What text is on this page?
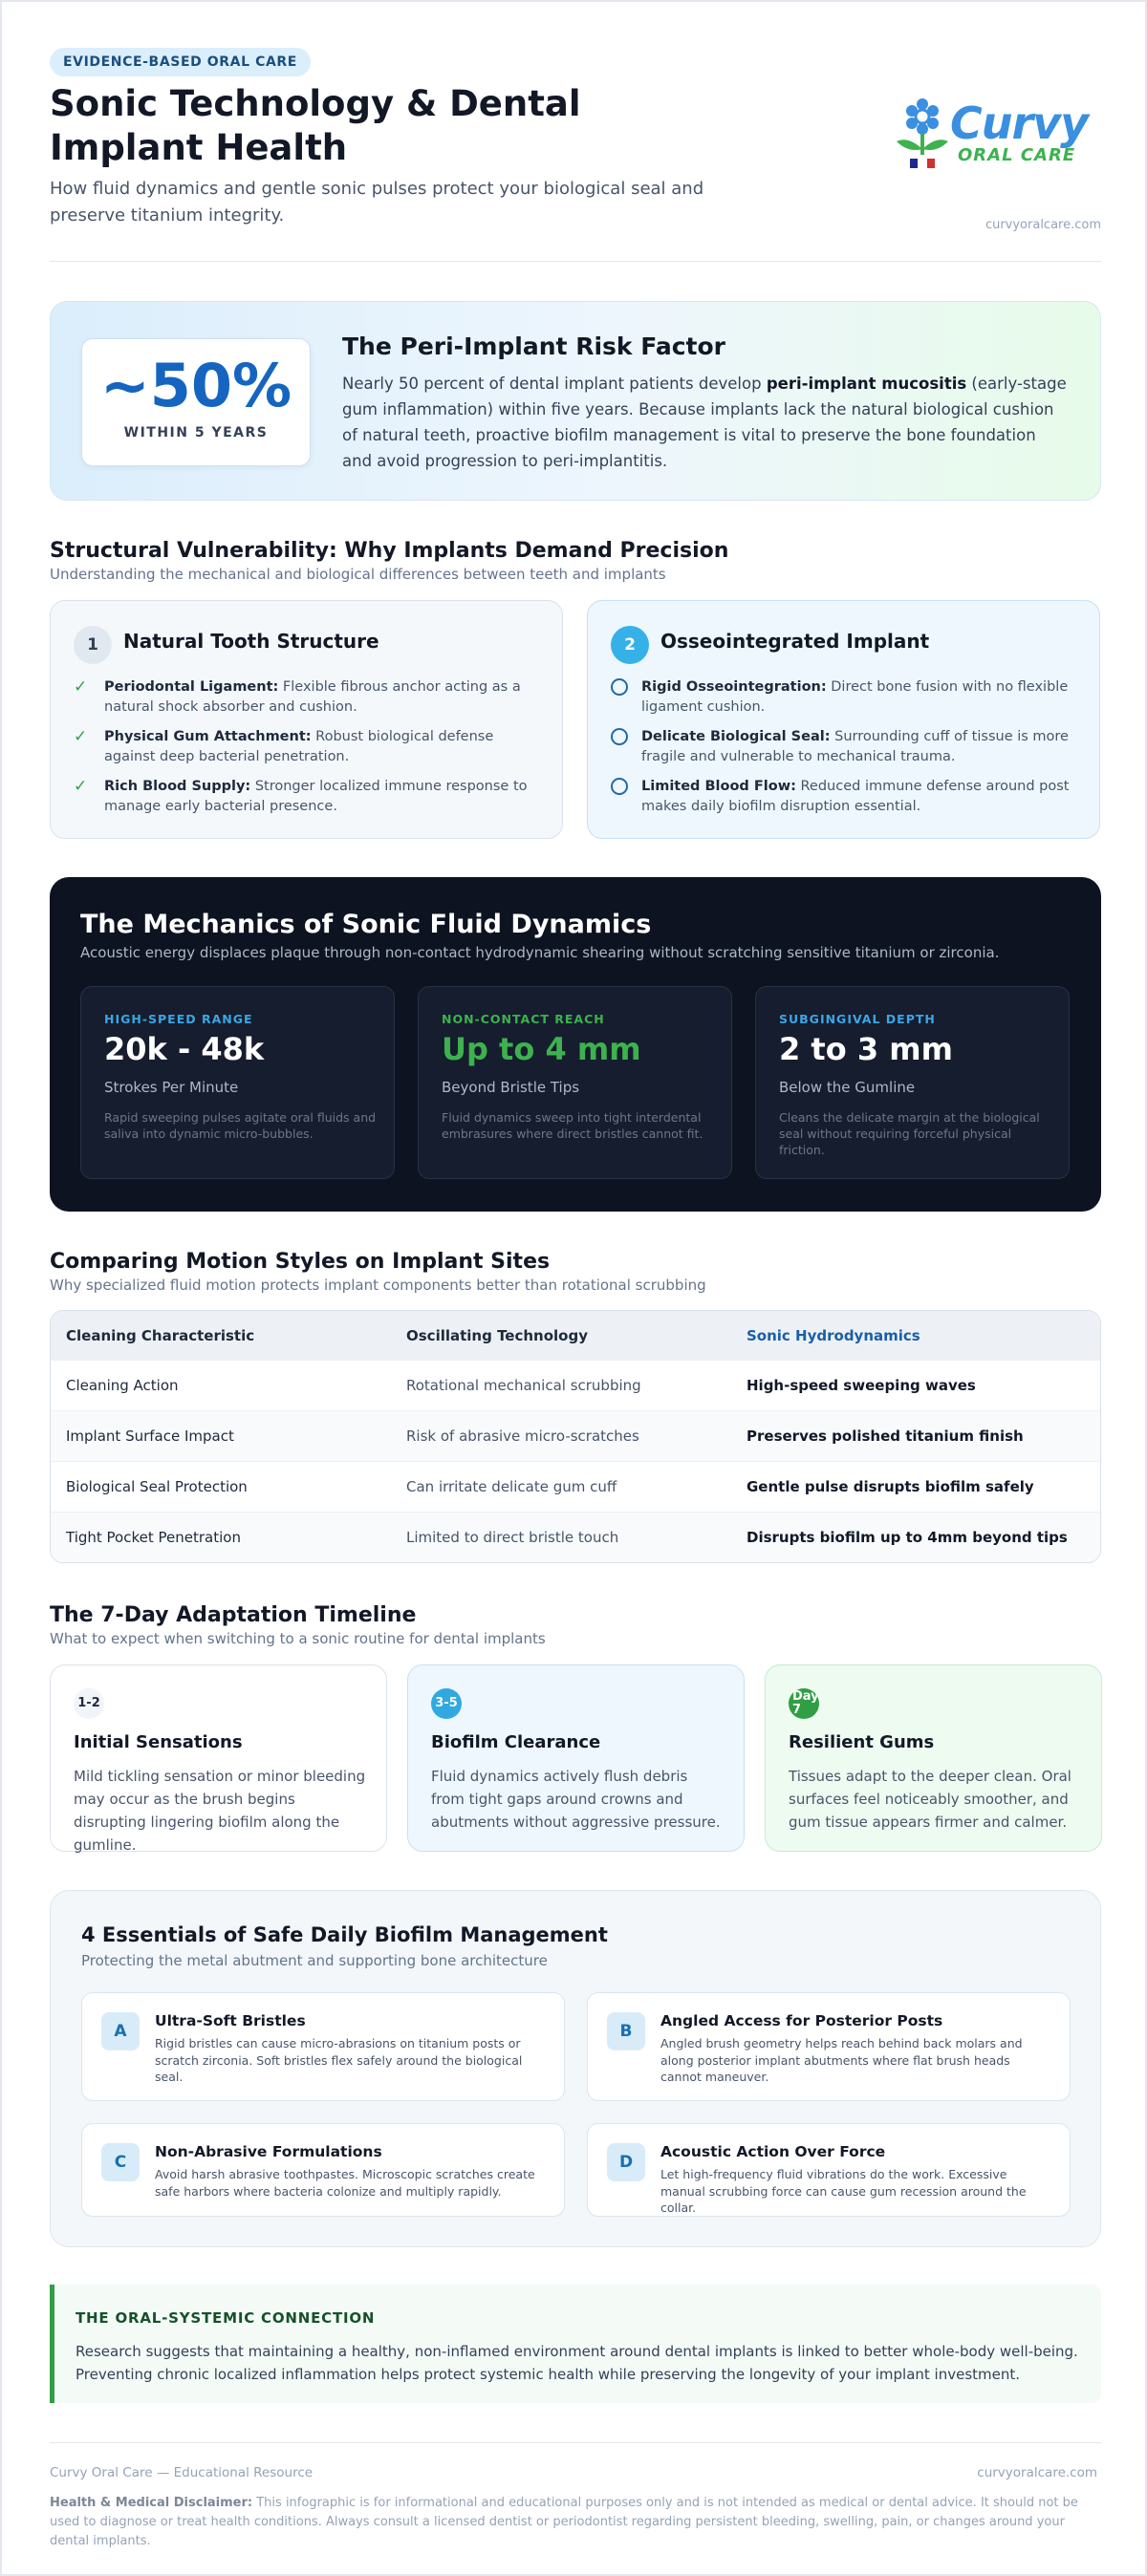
EVIDENCE-BASED ORAL CARE
Sonic Technology & Dental Implant Health
How fluid dynamics and gentle sonic pulses protect your biological seal and preserve titanium integrity.
Curvy
ORAL CARE
curvyoralcare.com
~50%
WITHIN 5 YEARS
The Peri-Implant Risk Factor
Nearly 50 percent of dental implant patients develop peri-implant mucositis (early-stage gum inflammation) within five years. Because implants lack the natural biological cushion of natural teeth, proactive biofilm management is vital to preserve the bone foundation and avoid progression to peri-implantitis.
Structural Vulnerability: Why Implants Demand Precision
Understanding the mechanical and biological differences between teeth and implants
1	Natural Tooth Structure
✓	Periodontal Ligament: Flexible fibrous anchor acting as a natural shock absorber and cushion.
✓	Physical Gum Attachment: Robust biological defense against deep bacterial penetration.
✓	Rich Blood Supply: Stronger localized immune response to manage early bacterial presence.
2	Osseointegrated Implant
Rigid Osseointegration: Direct bone fusion with no flexible ligament cushion.
Delicate Biological Seal: Surrounding cuff of tissue is more fragile and vulnerable to mechanical trauma.
Limited Blood Flow: Reduced immune defense around post makes daily biofilm disruption essential.
The Mechanics of Sonic Fluid Dynamics
Acoustic energy displaces plaque through non-contact hydrodynamic shearing without scratching sensitive titanium or zirconia.
HIGH-SPEED RANGE
20k - 48k
Strokes Per Minute
Rapid sweeping pulses agitate oral fluids and saliva into dynamic micro-bubbles.
NON-CONTACT REACH
Up to 4 mm
Beyond Bristle Tips
Fluid dynamics sweep into tight interdental embrasures where direct bristles cannot fit.
SUBGINGIVAL DEPTH
2 to 3 mm
Below the Gumline
Cleans the delicate margin at the biological seal without requiring forceful physical friction.
Comparing Motion Styles on Implant Sites
Why specialized fluid motion protects implant components better than rotational scrubbing
Cleaning Characteristic	Oscillating Technology	Sonic Hydrodynamics
Cleaning Action	Rotational mechanical scrubbing	High-speed sweeping waves
Implant Surface Impact	Risk of abrasive micro-scratches	Preserves polished titanium finish
Biological Seal Protection	Can irritate delicate gum cuff	Gentle pulse disrupts biofilm safely
Tight Pocket Penetration	Limited to direct bristle touch	Disrupts biofilm up to 4mm beyond tips
The 7-Day Adaptation Timeline
What to expect when switching to a sonic routine for dental implants
1-2
Initial Sensations
Mild tickling sensation or minor bleeding may occur as the brush begins disrupting lingering biofilm along the gumline.
3-5
Biofilm Clearance
Fluid dynamics actively flush debris from tight gaps around crowns and abutments without aggressive pressure.
Day 7
Resilient Gums
Tissues adapt to the deeper clean. Oral surfaces feel noticeably smoother, and gum tissue appears firmer and calmer.
4 Essentials of Safe Daily Biofilm Management
Protecting the metal abutment and supporting bone architecture
A
Ultra-Soft Bristles
Rigid bristles can cause micro-abrasions on titanium posts or scratch zirconia. Soft bristles flex safely around the biological seal.
B
Angled Access for Posterior Posts
Angled brush geometry helps reach behind back molars and along posterior implant abutments where flat brush heads cannot maneuver.
C
Non-Abrasive Formulations
Avoid harsh abrasive toothpastes. Microscopic scratches create safe harbors where bacteria colonize and multiply rapidly.
D
Acoustic Action Over Force
Let high-frequency fluid vibrations do the work. Excessive manual scrubbing force can cause gum recession around the collar.
THE ORAL-SYSTEMIC CONNECTION
Research suggests that maintaining a healthy, non-inflamed environment around dental implants is linked to better whole-body well-being. Preventing chronic localized inflammation helps protect systemic health while preserving the longevity of your implant investment.
Curvy Oral Care — Educational Resource	curvyoralcare.com
Health & Medical Disclaimer: This infographic is for informational and educational purposes only and is not intended as medical or dental advice. It should not be used to diagnose or treat health conditions. Always consult a licensed dentist or periodontist regarding persistent bleeding, swelling, pain, or changes around your dental implants.
